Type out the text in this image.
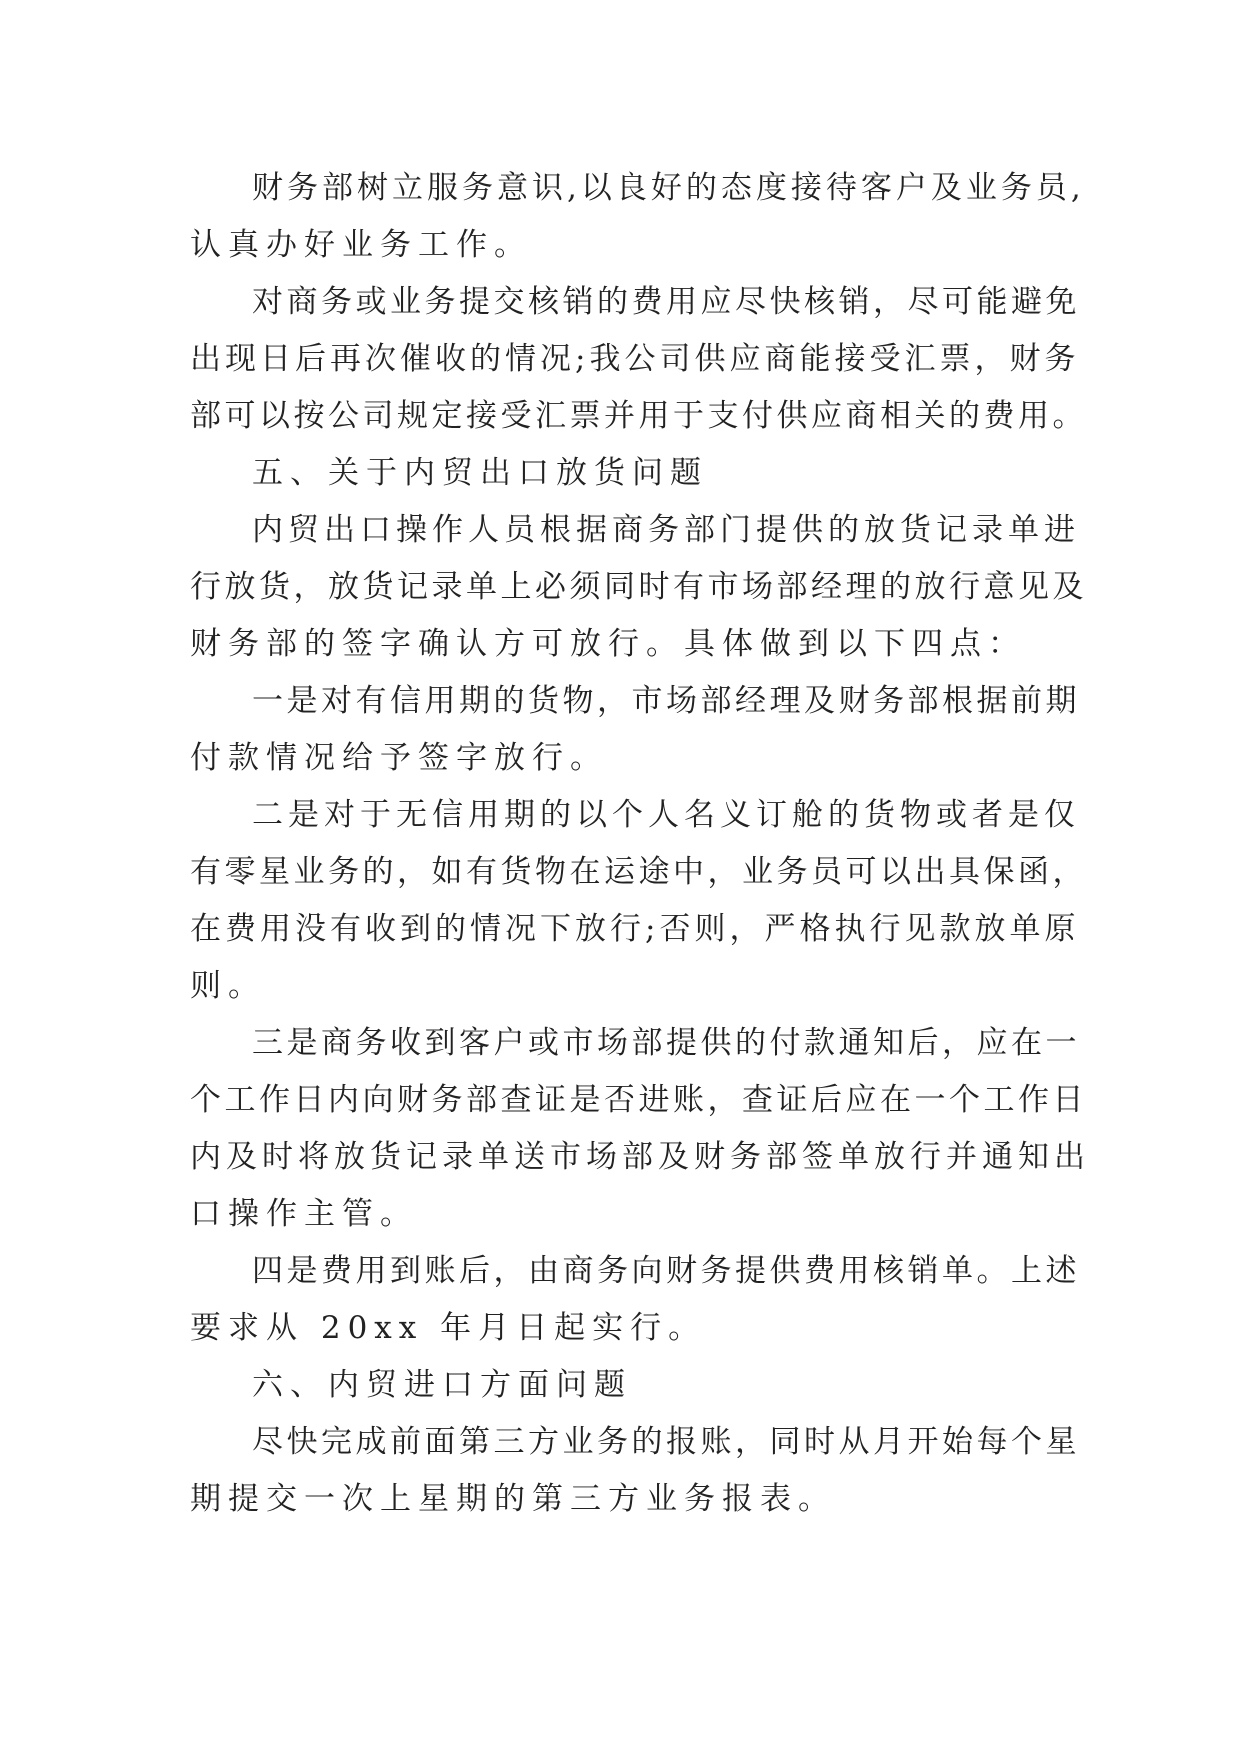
财务部树立服务意识,以良好的态度接待客户及业务员,
认真办好业务工作。
对商务或业务提交核销的费用应尽快核销，尽可能避免
出现日后再次催收的情况;我公司供应商能接受汇票，财务
部可以按公司规定接受汇票并用于支付供应商相关的费用。
五、关于内贸出口放货问题
内贸出口操作人员根据商务部门提供的放货记录单进
行放货，放货记录单上必须同时有市场部经理的放行意见及
财务部的签字确认方可放行。具体做到以下四点：
一是对有信用期的货物，市场部经理及财务部根据前期
付款情况给予签字放行。
二是对于无信用期的以个人名义订舱的货物或者是仅
有零星业务的，如有货物在运途中，业务员可以出具保函，
在费用没有收到的情况下放行;否则，严格执行见款放单原
则。
三是商务收到客户或市场部提供的付款通知后，应在一
个工作日内向财务部查证是否进账，查证后应在一个工作日
内及时将放货记录单送市场部及财务部签单放行并通知出
口操作主管。
四是费用到账后，由商务向财务提供费用核销单。上述
要求从 20xx 年月日起实行。
六、内贸进口方面问题
尽快完成前面第三方业务的报账，同时从月开始每个星
期提交一次上星期的第三方业务报表。
